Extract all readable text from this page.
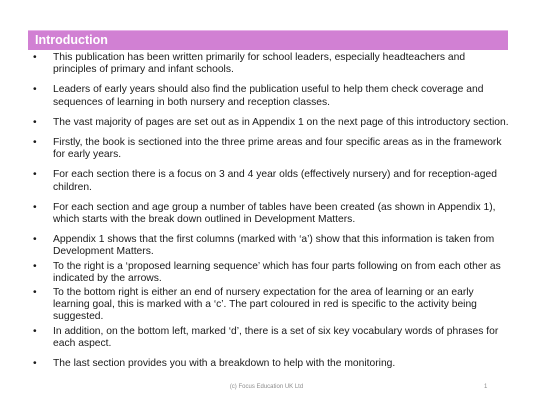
Introduction
• This publication has been written primarily for school leaders, especially headteachers and principles of primary and infant schools.
• Leaders of early years should also find the publication useful to help them check coverage and sequences of learning in both nursery and reception classes.
• The vast majority of pages are set out as in Appendix 1 on the next page of this introductory section.
• Firstly, the book is sectioned into the three prime areas and four specific areas as in the framework for early years.
• For each section there is a focus on 3 and 4 year olds (effectively nursery) and for reception-aged children.
• For each section and age group a number of tables have been created (as shown in Appendix 1), which starts with the break down outlined in Development Matters.
• Appendix 1 shows that the first columns (marked with ‘a’) show that this information is taken from Development Matters.
• To the right is a ‘proposed learning sequence’ which has four parts following on from each other as indicated by the arrows.
• To the bottom right is either an end of nursery expectation for the area of learning or an early learning goal, this is marked with a ‘c’. The part coloured in red is specific to the activity being suggested.
• In addition, on the bottom left, marked ‘d’, there is a set of six key vocabulary words of phrases for each aspect.
• The last section provides you with a breakdown to help with the monitoring.
(c) Focus Education UK Ltd	1
